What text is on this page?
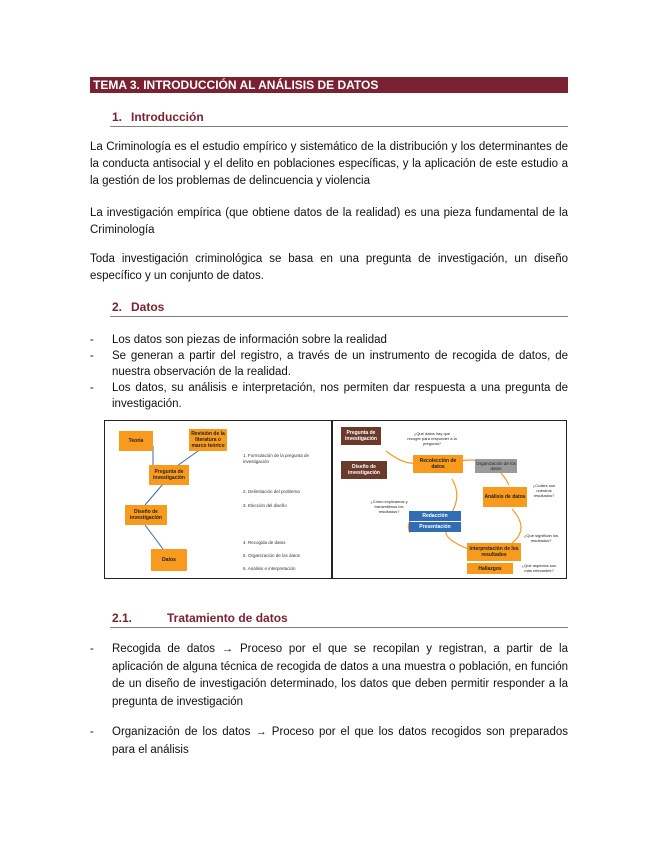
TEMA 3. INTRODUCCIÓN AL ANÁLISIS DE DATOS
1. Introducción
La Criminología es el estudio empírico y sistemático de la distribución y los determinantes de la conducta antisocial y el delito en poblaciones específicas, y la aplicación de este estudio a la gestión de los problemas de delincuencia y violencia
La investigación empírica (que obtiene datos de la realidad) es una pieza fundamental de la Criminología
Toda investigación criminológica se basa en una pregunta de investigación, un diseño específico y un conjunto de datos.
2. Datos
- Los datos son piezas de información sobre la realidad
- Se generan a partir del registro, a través de un instrumento de recogida de datos, de nuestra observación de la realidad.
- Los datos, su análisis e interpretación, nos permiten dar respuesta a una pregunta de investigación.
Teoría
Revisión de la literatura o marco teórico
Pregunta de investigación
Diseño de investigación
Datos
1. Formulación de la pregunta de investigación
2. Delimitación del problema
3. Elección del diseño
4. Recogida de datos
5. Organización de los datos
6. Análisis e interpretación
Pregunta de investigación
Diseño de investigación
¿Qué datos hay que recoger para responder a la pregunta?
Recolección de datos
Organización de los datos
¿Cuáles son nuestros resultados?
Análisis de datos
¿Cómo explicamos y transmitimos los resultados?
Redacción
Presentación
¿Qué significan los resultados?
Interpretación de los resultados
Hallazgos	¿Qué aspectos son más relevantes?
2.1.	Tratamiento de datos
- Recogida de datos → Proceso por el que se recopilan y registran, a partir de la aplicación de alguna técnica de recogida de datos a una muestra o población, en función de un diseño de investigación determinado, los datos que deben permitir responder a la pregunta de investigación
- Organización de los datos → Proceso por el que los datos recogidos son preparados para el análisis
